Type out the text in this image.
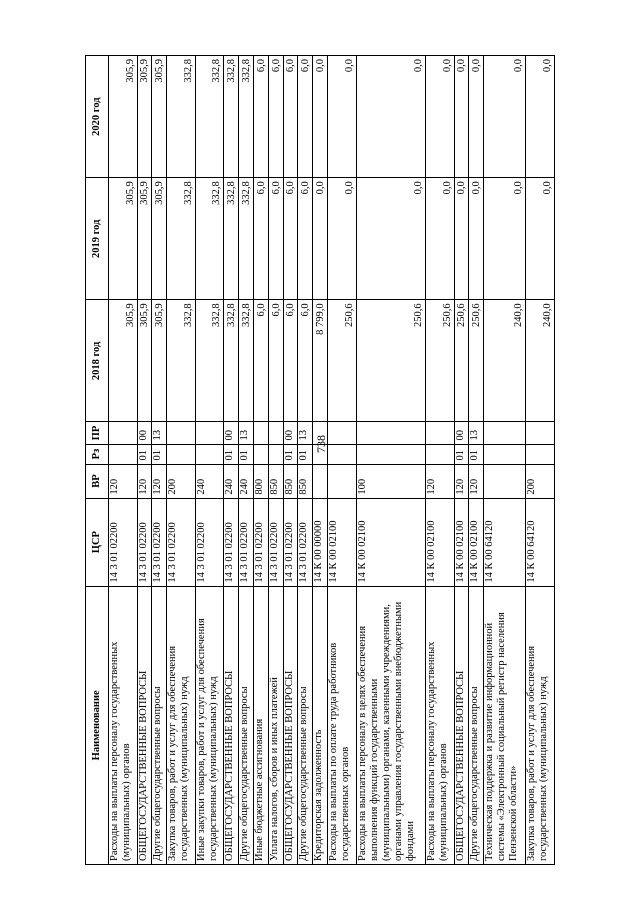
738
Наименование	ЦСР	ВР	Рз	ПР	2018 год	2019 год	2020 год
Расходы на выплаты персоналу государственных (муниципальных) органов	14 3 01 02200	120			305,9	305,9	305,9
ОБЩЕГОСУДАРСТВЕННЫЕ ВОПРОСЫ	14 3 01 02200	120	01	00	305,9	305,9	305,9
Другие общегосударственные вопросы	14 3 01 02200	120	01	13	305,9	305,9	305,9
Закупка товаров, работ и услуг для обеспечения государственных (муниципальных) нужд	14 3 01 02200	200			332,8	332,8	332,8
Иные закупки товаров, работ и услуг для обеспечения государственных (муниципальных) нужд	14 3 01 02200	240			332,8	332,8	332,8
ОБЩЕГОСУДАРСТВЕННЫЕ ВОПРОСЫ	14 3 01 02200	240	01	00	332,8	332,8	332,8
Другие общегосударственные вопросы	14 3 01 02200	240	01	13	332,8	332,8	332,8
Иные бюджетные ассигнования	14 3 01 02200	800			6,0	6,0	6,0
Уплата налогов, сборов и иных платежей	14 3 01 02200	850			6,0	6,0	6,0
ОБЩЕГОСУДАРСТВЕННЫЕ ВОПРОСЫ	14 3 01 02200	850	01	00	6,0	6,0	6,0
Другие общегосударственные вопросы	14 3 01 02200	850	01	13	6,0	6,0	6,0
Кредиторская задолженность	14 К 00 00000				8 799,0	0,0	0,0
Расходы на выплаты по оплате труда работников государственных органов	14 К 00 02100				250,6	0,0	0,0
Расходы на выплаты персоналу в целях обеспечения выполнения функций государственными (муниципальными) органами, казенными учреждениями, органами управления государственными внебюджетными фондами	14 К 00 02100	100			250,6	0,0	0,0
Расходы на выплаты персоналу государственных (муниципальных) органов	14 К 00 02100	120			250,6	0,0	0,0
ОБЩЕГОСУДАРСТВЕННЫЕ ВОПРОСЫ	14 К 00 02100	120	01	00	250,6	0,0	0,0
Другие общегосударственные вопросы	14 К 00 02100	120	01	13	250,6	0,0	0,0
Техническая поддержка и развитие информационной системы «Электронный социальный регистр населения Пензенской области»	14 К 00 64120				240,0	0,0	0,0
Закупка товаров, работ и услуг для обеспечения государственных (муниципальных) нужд	14 К 00 64120	200			240,0	0,0	0,0
